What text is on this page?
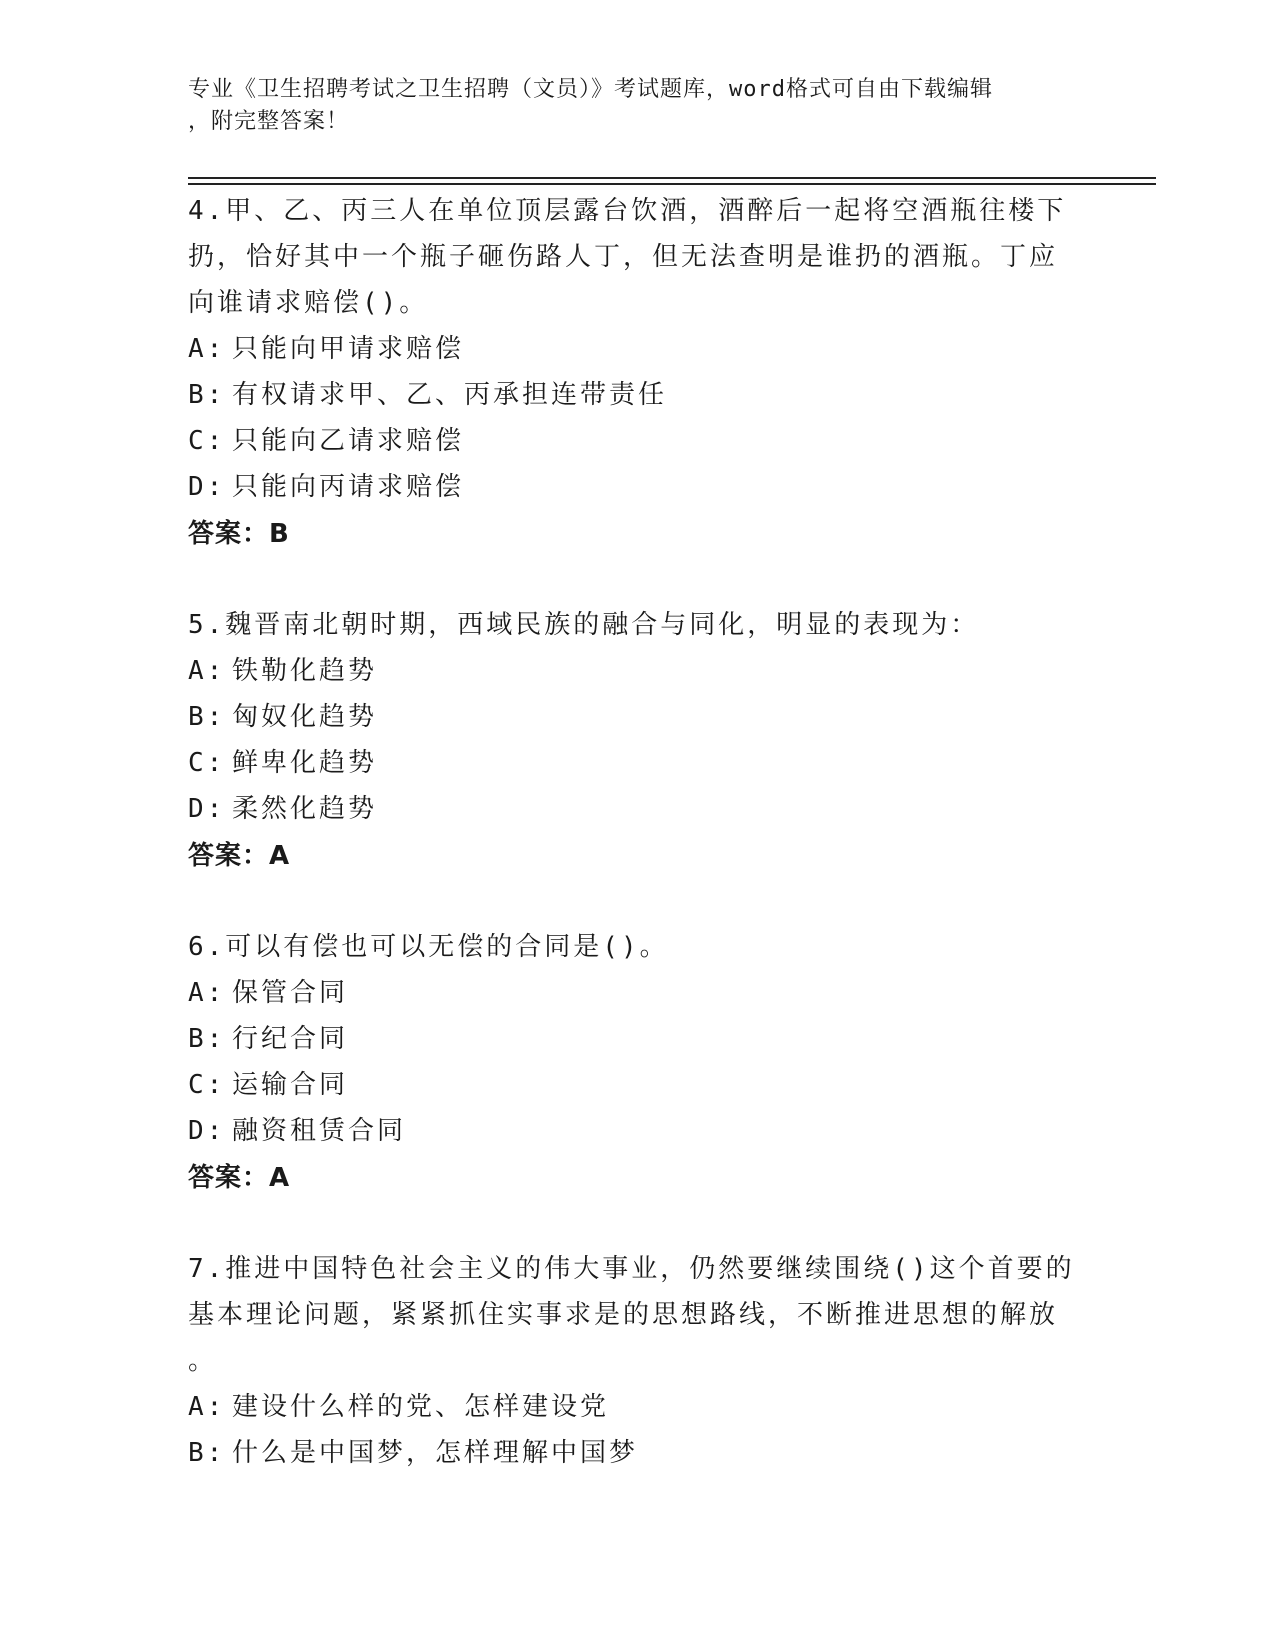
专业《卫生招聘考试之卫生招聘（文员）》考试题库，word格式可自由下载编辑
，附完整答案！
4.甲、乙、丙三人在单位顶层露台饮酒，酒醉后一起将空酒瓶往楼下
扔，恰好其中一个瓶子砸伤路人丁，但无法查明是谁扔的酒瓶。丁应
向谁请求赔偿()。
A: 只能向甲请求赔偿
B: 有权请求甲、乙、丙承担连带责任
C: 只能向乙请求赔偿
D: 只能向丙请求赔偿
答案：B
5.魏晋南北朝时期，西域民族的融合与同化，明显的表现为：
A: 铁勒化趋势
B: 匈奴化趋势
C: 鲜卑化趋势
D: 柔然化趋势
答案：A
6.可以有偿也可以无偿的合同是()。
A: 保管合同
B: 行纪合同
C: 运输合同
D: 融资租赁合同
答案：A
7.推进中国特色社会主义的伟大事业，仍然要继续围绕()这个首要的
基本理论问题，紧紧抓住实事求是的思想路线，不断推进思想的解放
。
A: 建设什么样的党、怎样建设党
B: 什么是中国梦，怎样理解中国梦
